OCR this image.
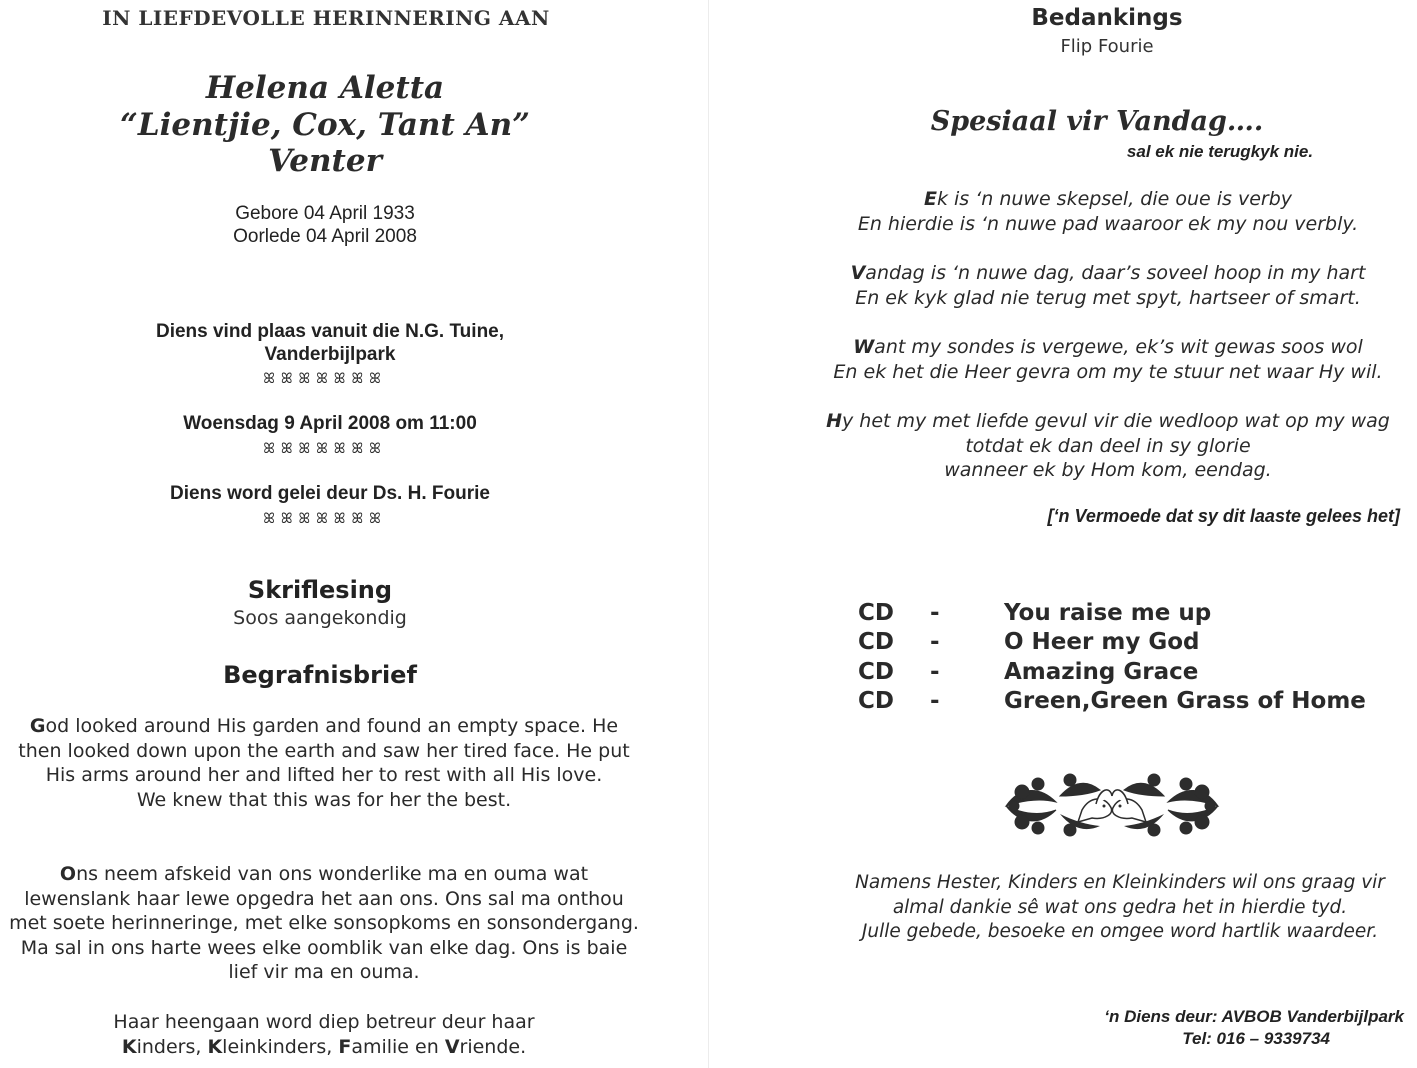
IN LIEFDEVOLLE HERINNERING AAN
Helena Aletta
“Lientjie, Cox, Tant An”
Venter
Gebore 04 April 1933
Oorlede 04 April 2008
Diens vind plaas vanuit die N.G. Tuine,
Vanderbijlpark
ꕤꕤꕤꕤꕤꕤꕤ
Woensdag 9 April 2008 om 11:00
ꕤꕤꕤꕤꕤꕤꕤ
Diens word gelei deur Ds. H. Fourie
ꕤꕤꕤꕤꕤꕤꕤ
Skriflesing
Soos aangekondig
Begrafnisbrief

God looked around His garden and found an empty space. He then looked down upon the earth and saw her tired face. He put His arms around her and lifted her to rest with all His love.

We knew that this was for her the best.

Ons neem afskeid van ons wonderlike ma en ouma wat lewenslank haar lewe opgedra het aan ons. Ons sal ma onthou met soete herinneringe, met elke sonsopkoms en sonsondergang. Ma sal in ons harte wees elke oomblik van elke dag. Ons is baie lief vir ma en ouma.

Haar heengaan word diep betreur deur haar

Kinders, Kleinkinders, Familie en Vriende.

Bedankings
Flip Fourie
Spesiaal vir Vandag….
sal ek nie terugkyk nie.

Ek is ‘n nuwe skepsel, die oue is verby

En hierdie is ‘n nuwe pad waaroor ek my nou verbly.

Vandag is ‘n nuwe dag, daar’s soveel hoop in my hart

En ek kyk glad nie terug met spyt, hartseer of smart.

Want my sondes is vergewe, ek’s wit gewas soos wol

En ek het die Heer gevra om my te stuur net waar Hy wil.

Hy het my met liefde gevul vir die wedloop wat op my wag

totdat ek dan deel in sy glorie

wanneer ek by Hom kom, eendag.

[‘n Vermoede dat sy dit laaste gelees het]
CD -	You raise me up
CD -	O Heer my God
CD -	Amazing Grace
CD -	Green,Green Grass of Home

Namens Hester, Kinders en Kleinkinders wil ons graag vir

almal dankie sê wat ons gedra het in hierdie tyd.

Julle gebede, besoeke en omgee word hartlik waardeer.

‘n Diens deur: AVBOB Vanderbijlpark
Tel: 016 – 9339734
